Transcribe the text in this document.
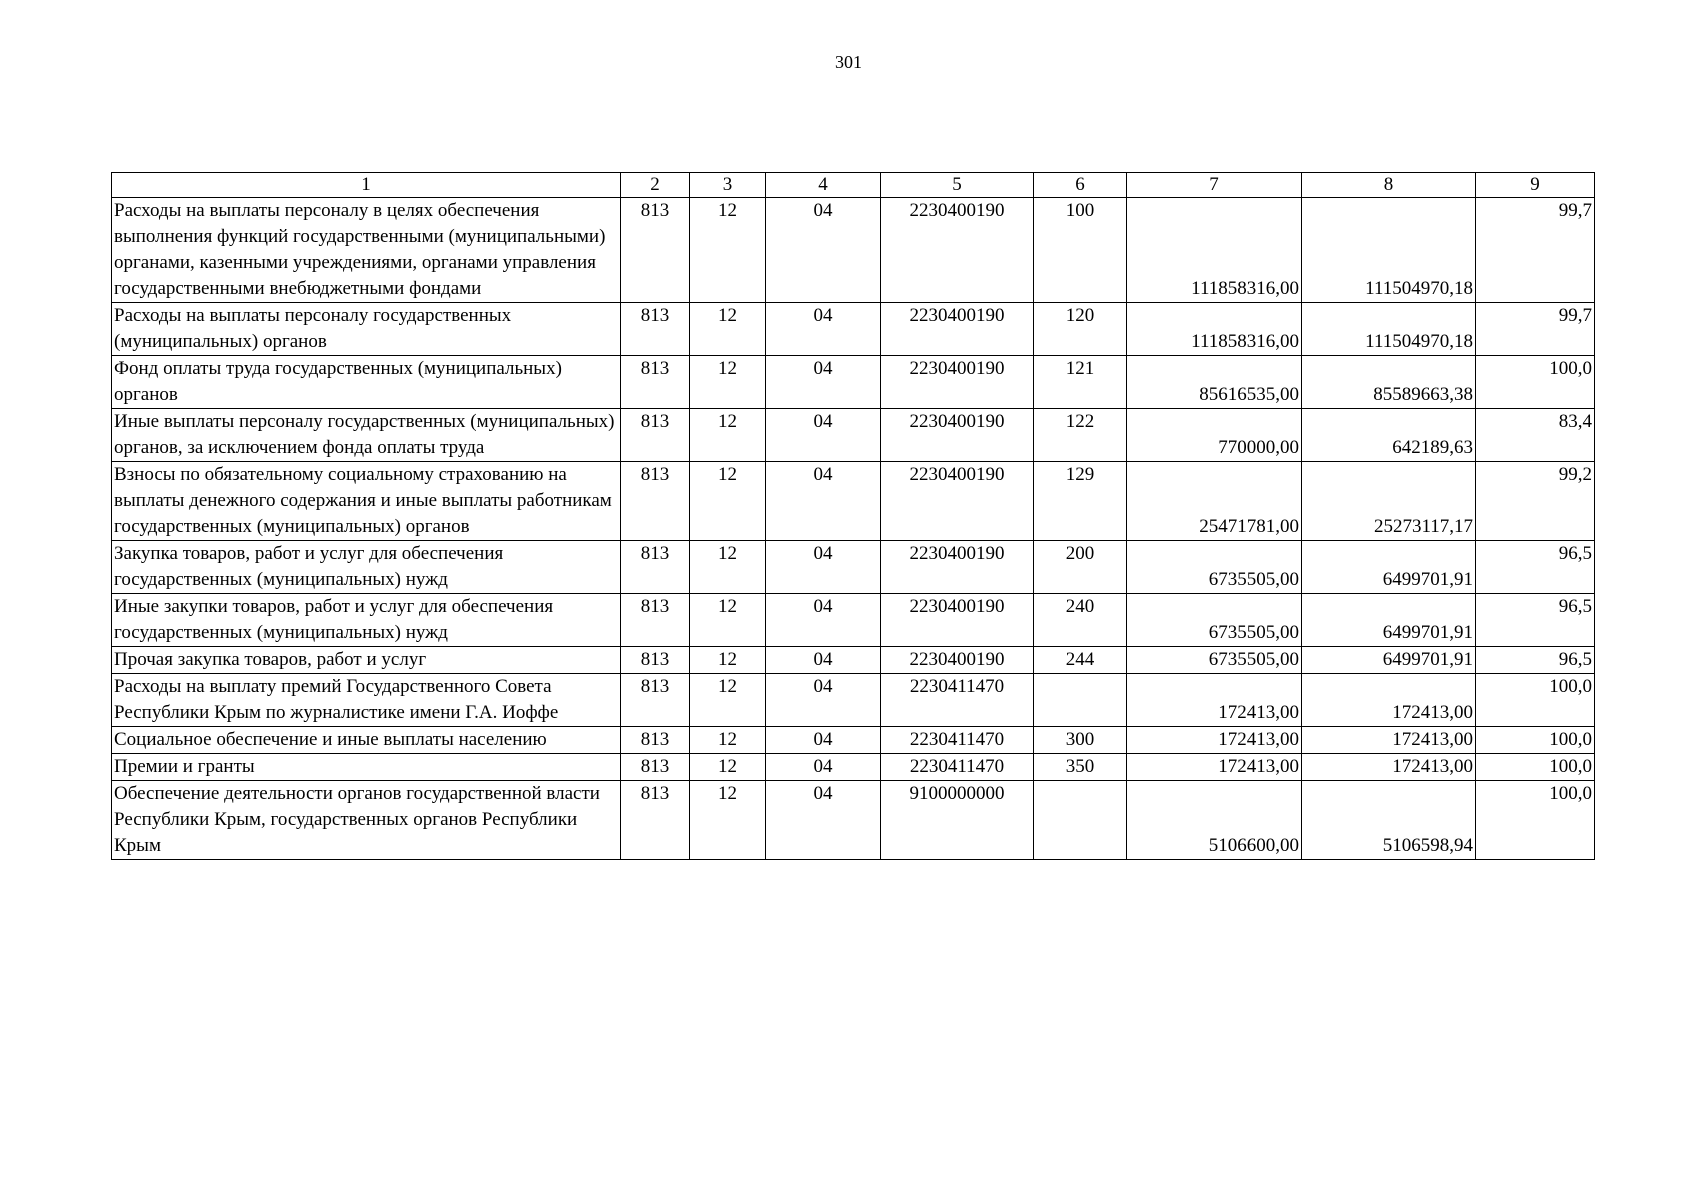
301
1	2	3	4	5	6	7	8	9
Расходы на выплаты персоналу в целях обеспечения выполнения функций государственными (муниципальными) органами, казенными учреждениями, органами управления государственными внебюджетными фондами	813	12	04	2230400190	100	111858316,00	111504970,18	99,7
Расходы на выплаты персоналу государственных (муниципальных) органов	813	12	04	2230400190	120	111858316,00	111504970,18	99,7
Фонд оплаты труда государственных (муниципальных) органов	813	12	04	2230400190	121	85616535,00	85589663,38	100,0
Иные выплаты персоналу государственных (муниципальных) органов, за исключением фонда оплаты труда	813	12	04	2230400190	122	770000,00	642189,63	83,4
Взносы по обязательному социальному страхованию на выплаты денежного содержания и иные выплаты работникам государственных (муниципальных) органов	813	12	04	2230400190	129	25471781,00	25273117,17	99,2
Закупка товаров, работ и услуг для обеспечения государственных (муниципальных) нужд	813	12	04	2230400190	200	6735505,00	6499701,91	96,5
Иные закупки товаров, работ и услуг для обеспечения государственных (муниципальных) нужд	813	12	04	2230400190	240	6735505,00	6499701,91	96,5
Прочая закупка товаров, работ и услуг	813	12	04	2230400190	244	6735505,00	6499701,91	96,5
Расходы на выплату премий Государственного Совета Республики Крым по журналистике имени Г.А. Иоффе	813	12	04	2230411470		172413,00	172413,00	100,0
Социальное обеспечение и иные выплаты населению	813	12	04	2230411470	300	172413,00	172413,00	100,0
Премии и гранты	813	12	04	2230411470	350	172413,00	172413,00	100,0
Обеспечение деятельности органов государственной власти Республики Крым, государственных органов Республики Крым	813	12	04	9100000000		5106600,00	5106598,94	100,0
